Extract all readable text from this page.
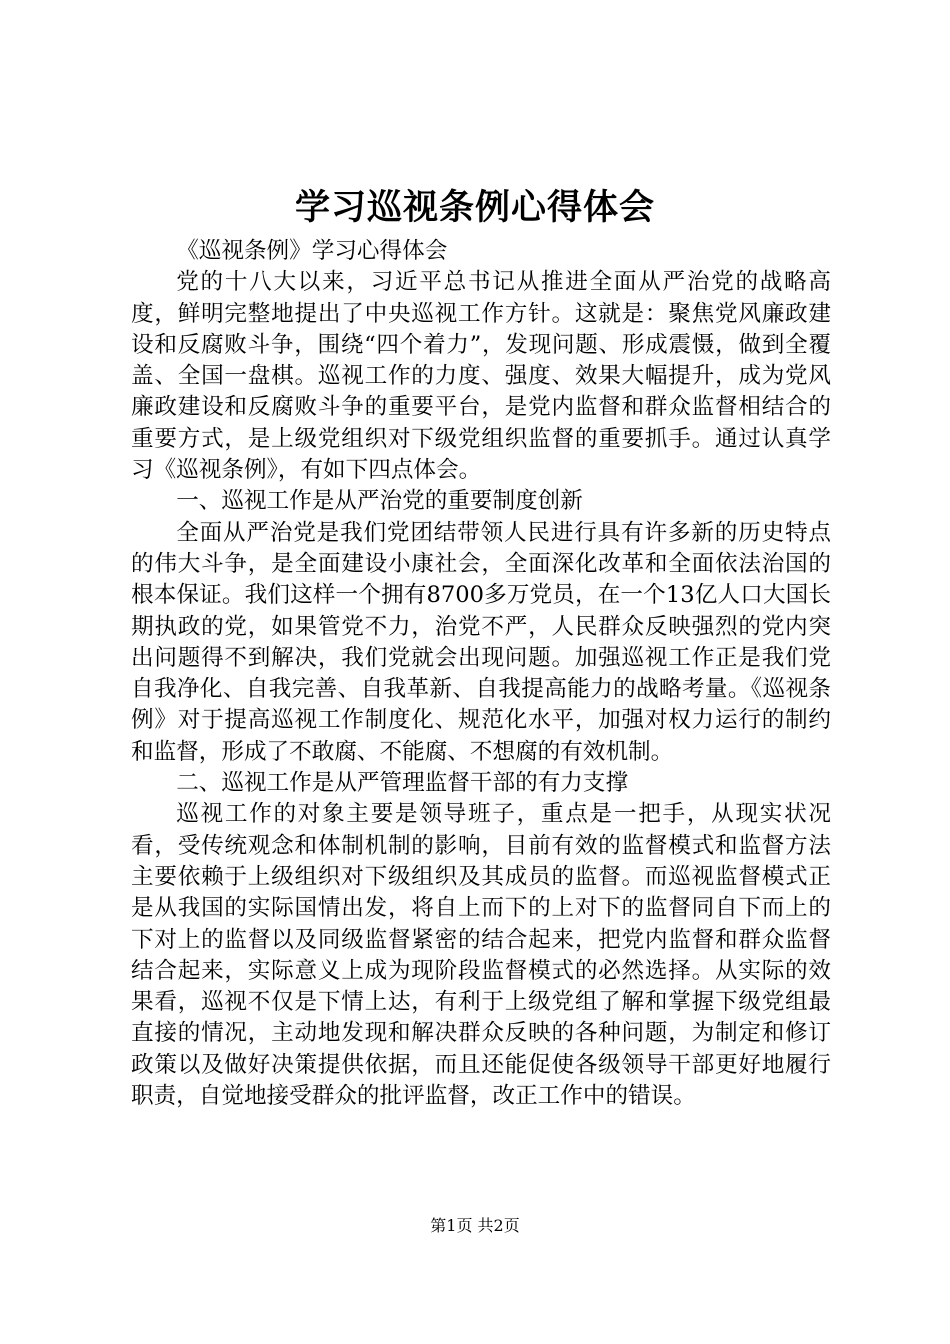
学习巡视条例心得体会

《巡视条例》学习心得体会

党的十八大以来，习近平总书记从推进全面从严治党的战略高度，鲜明完整地提出了中央巡视工作方针。这就是：聚焦党风廉政建设和反腐败斗争，围绕“四个着力”，发现问题、形成震慑，做到全覆盖、全国一盘棋。巡视工作的力度、强度、效果大幅提升，成为党风廉政建设和反腐败斗争的重要平台，是党内监督和群众监督相结合的重要方式，是上级党组织对下级党组织监督的重要抓手。通过认真学习《巡视条例》，有如下四点体会。

一、巡视工作是从严治党的重要制度创新

全面从严治党是我们党团结带领人民进行具有许多新的历史特点的伟大斗争，是全面建设小康社会，全面深化改革和全面依法治国的根本保证。我们这样一个拥有8700多万党员，在一个13亿人口大国长期执政的党，如果管党不力，治党不严，人民群众反映强烈的党内突出问题得不到解决，我们党就会出现问题。加强巡视工作正是我们党自我净化、自我完善、自我革新、自我提高能力的战略考量。《巡视条例》对于提高巡视工作制度化、规范化水平，加强对权力运行的制约和监督，形成了不敢腐、不能腐、不想腐的有效机制。

二、巡视工作是从严管理监督干部的有力支撑

巡视工作的对象主要是领导班子，重点是一把手，从现实状况看，受传统观念和体制机制的影响，目前有效的监督模式和监督方法主要依赖于上级组织对下级组织及其成员的监督。而巡视监督模式正是从我国的实际国情出发，将自上而下的上对下的监督同自下而上的下对上的监督以及同级监督紧密的结合起来，把党内监督和群众监督结合起来，实际意义上成为现阶段监督模式的必然选择。从实际的效果看，巡视不仅是下情上达，有利于上级党组了解和掌握下级党组最直接的情况，主动地发现和解决群众反映的各种问题，为制定和修订政策以及做好决策提供依据，而且还能促使各级领导干部更好地履行职责，自觉地接受群众的批评监督，改正工作中的错误。

第1页 共2页
